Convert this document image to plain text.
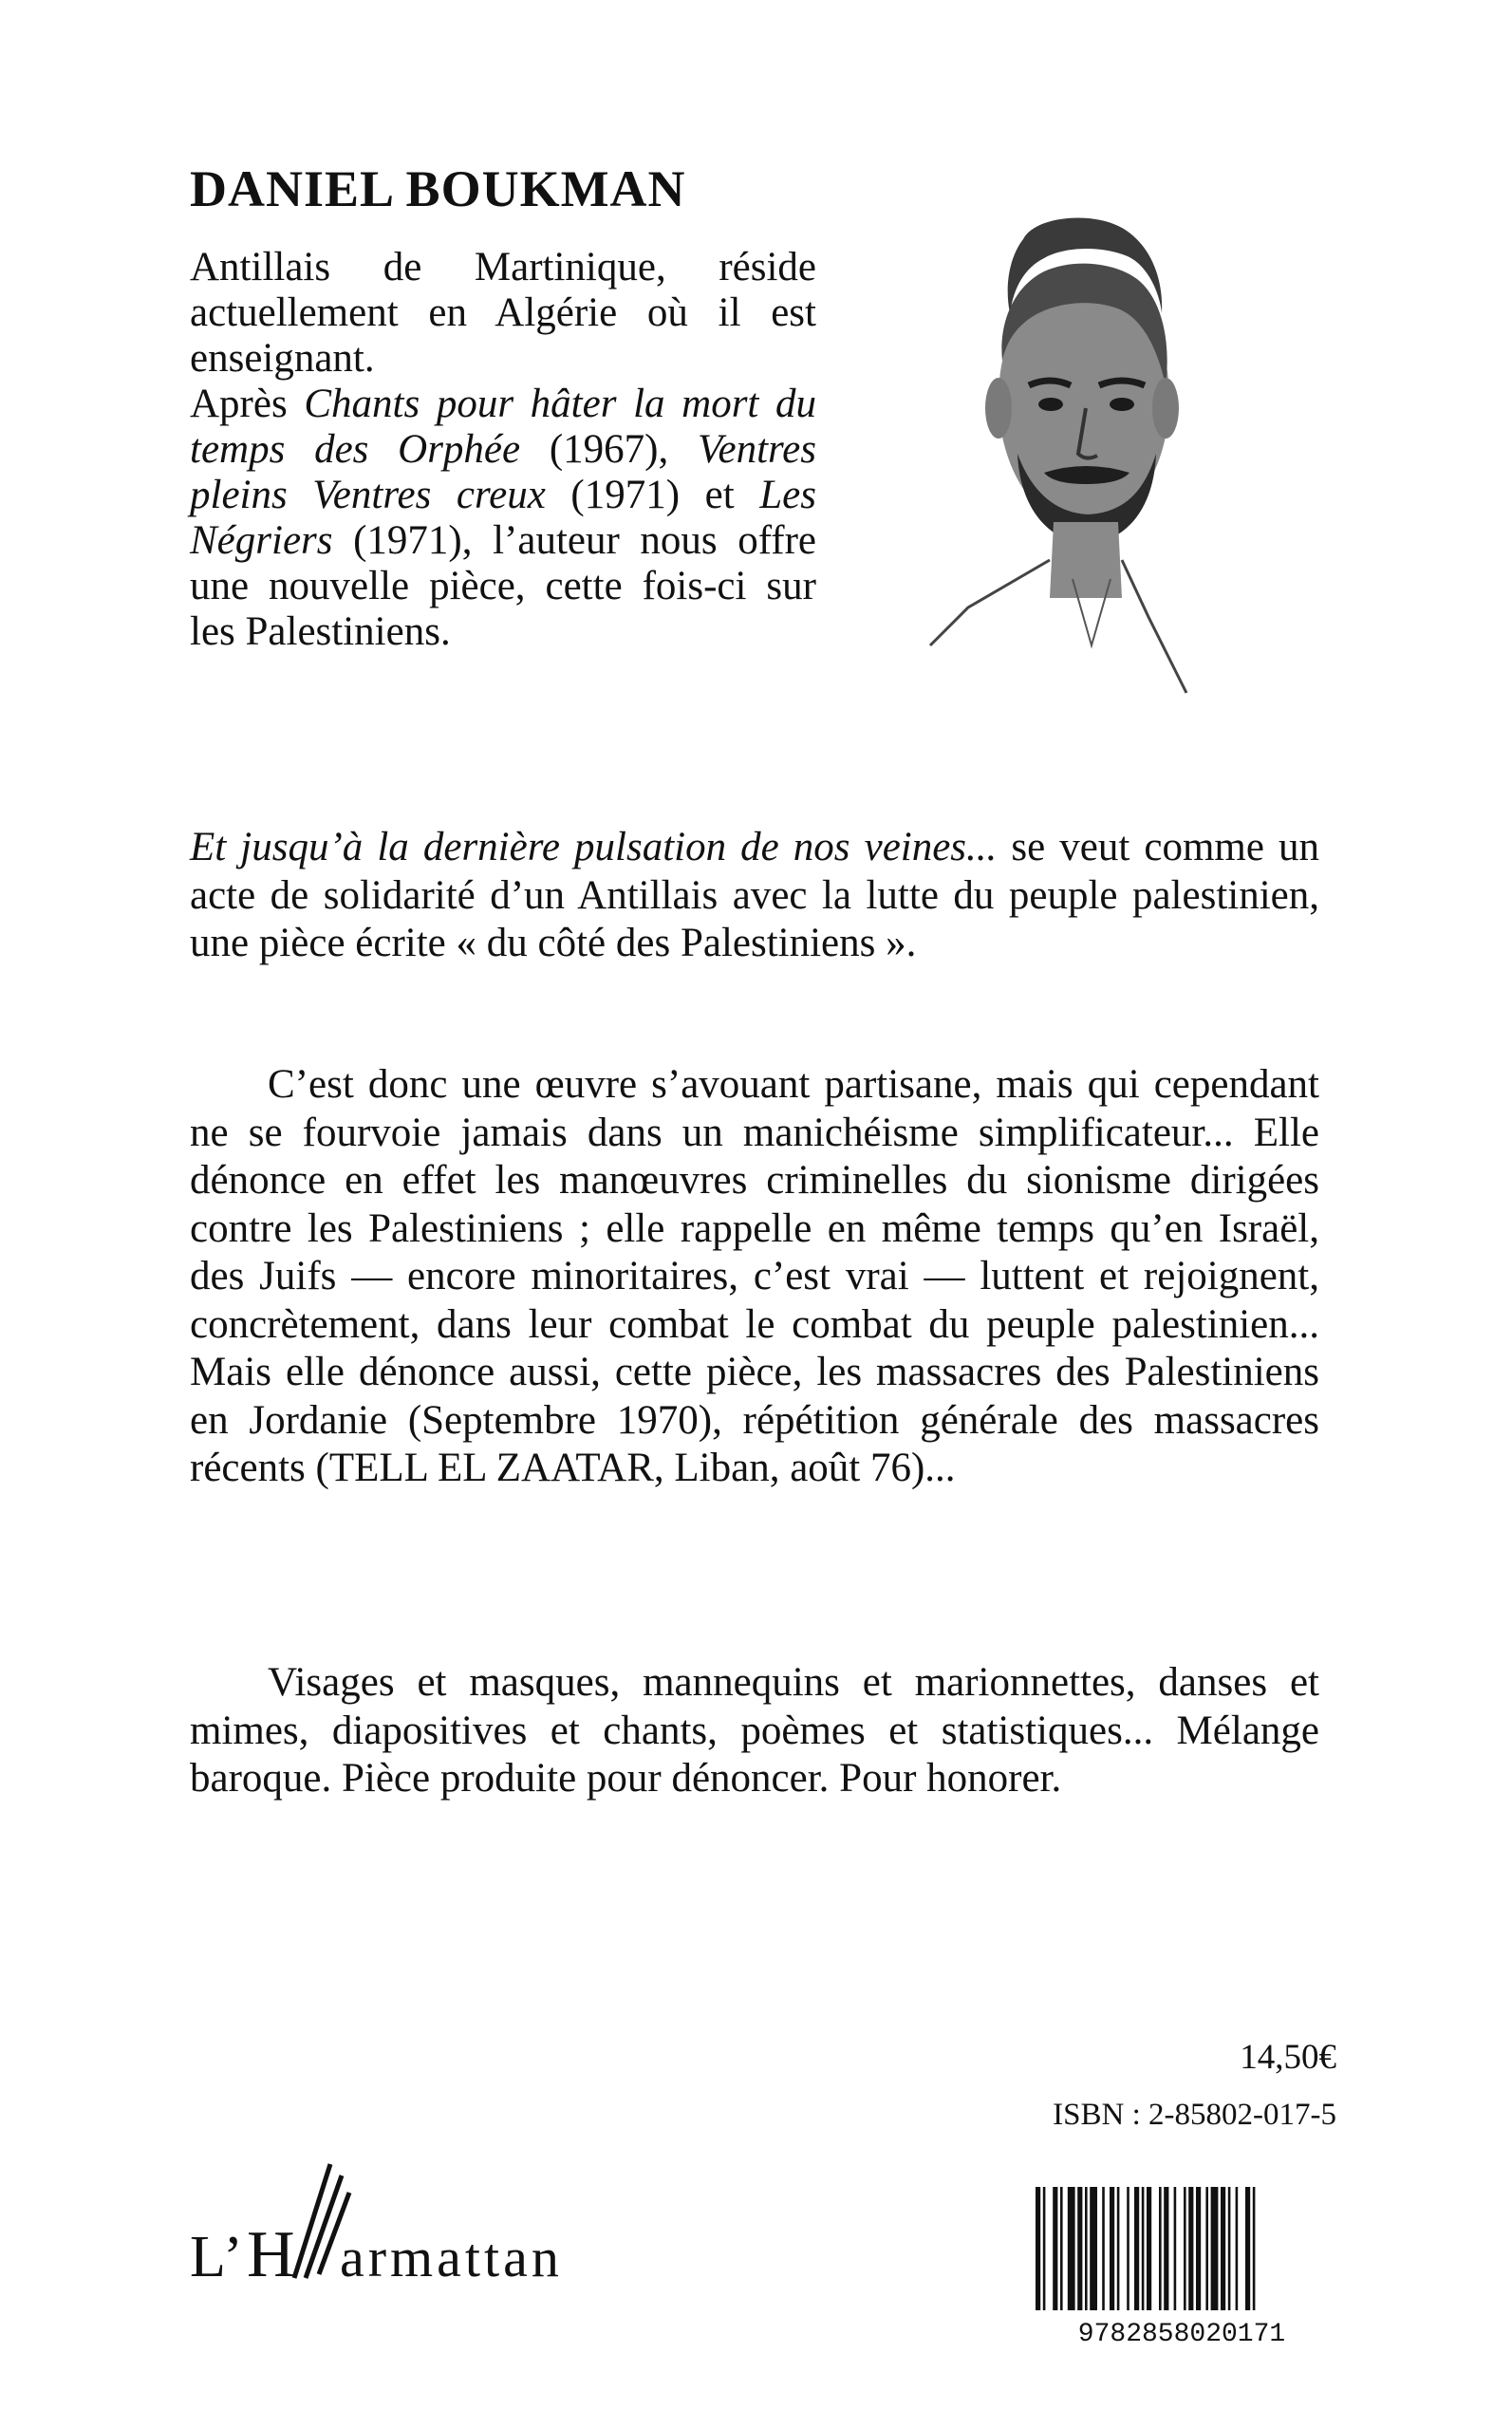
DANIEL BOUKMAN

Antillais de Martinique, réside actuellement en Algérie où il est enseignant.

Après Chants pour hâter la mort du temps des Orphée (1967), Ventres pleins Ventres creux (1971) et Les Négriers (1971), l’auteur nous offre une nouvelle pièce, cette fois-ci sur les Palestiniens.

Et jusqu’à la dernière pulsation de nos veines... se veut comme un acte de solidarité d’un Antillais avec la lutte du peuple palestinien, une pièce écrite « du côté des Palestiniens ».

C’est donc une œuvre s’avouant partisane, mais qui cependant ne se fourvoie jamais dans un manichéisme simplificateur... Elle dénonce en effet les manœuvres criminelles du sionisme dirigées contre les Palestiniens ; elle rappelle en même temps qu’en Israël, des Juifs — encore minoritaires, c’est vrai — luttent et rejoignent, concrètement, dans leur combat le combat du peuple palestinien... Mais elle dénonce aussi, cette pièce, les massacres des Palestiniens en Jordanie (Septembre 1970), répétition générale des massacres récents (TELL EL ZAATAR, Liban, août 76)...

Visages et masques, mannequins et marionnettes, danses et mimes, diapositives et chants, poèmes et statistiques... Mélange baroque. Pièce produite pour dénoncer. Pour honorer.

14,50€
ISBN : 2-85802-017-5
L’ H armattan
9782858020171
